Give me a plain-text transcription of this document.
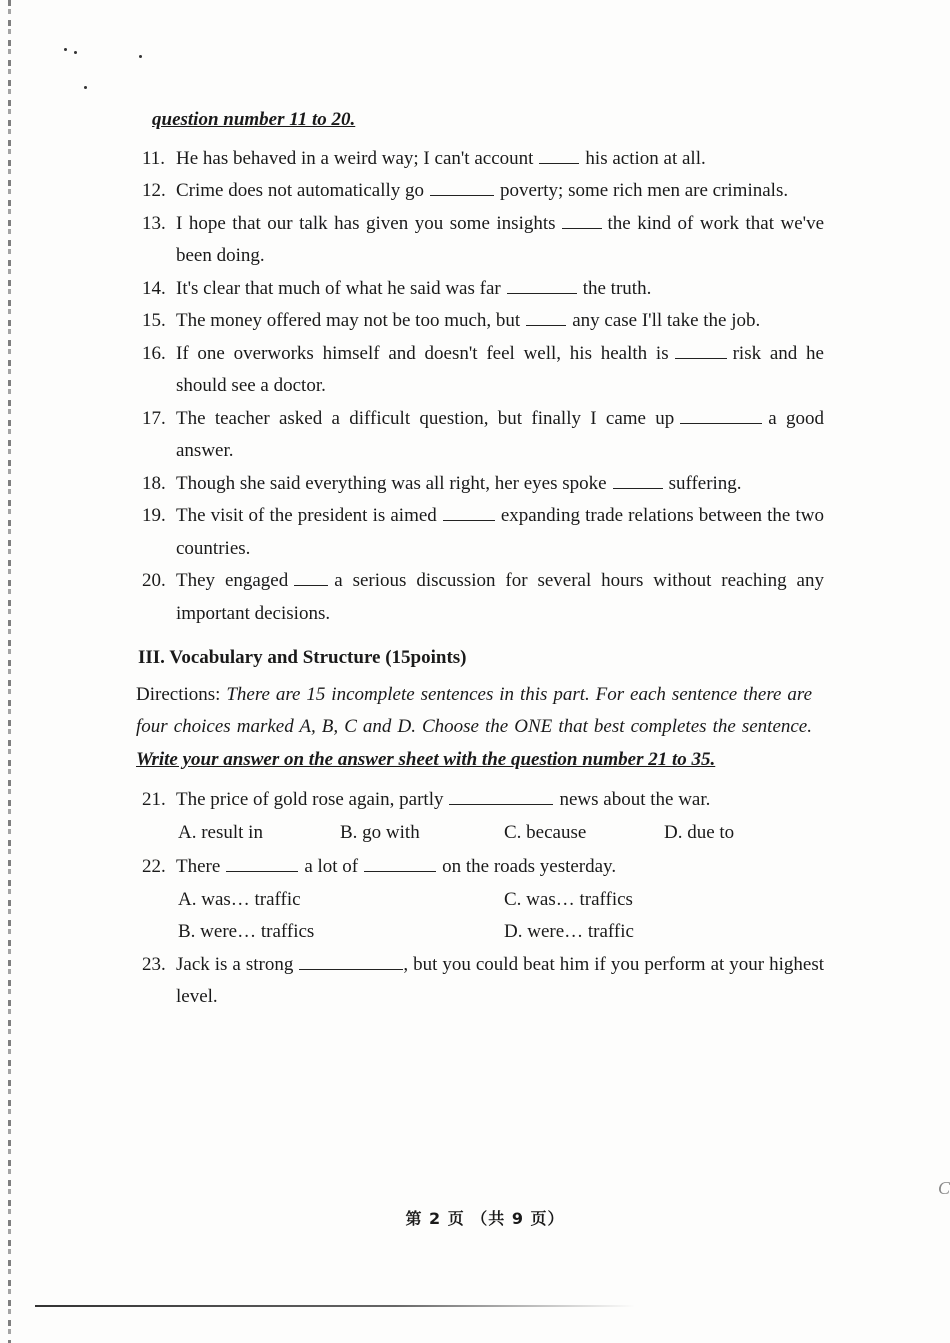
question number 11 to 20.
11. He has behaved in a weird way; I can't account	his action at all.
12. Crime does not automatically go	poverty; some rich men are criminals.
13. I hope that our talk has given you some insights	the kind of work that we've been doing.
14. It's clear that much of what he said was far	the truth.
15. The money offered may not be too much, but	any case I'll take the job.
16. If one overworks himself and doesn't feel well, his health is	risk and he should see a doctor.
17. The teacher asked a difficult question, but finally I came up	a good answer.
18. Though she said everything was all right, her eyes spoke	suffering.
19. The visit of the president is aimed	expanding trade relations between the two countries.
20. They engaged a serious discussion for several hours without reaching any important decisions.
III. Vocabulary and Structure (15points)
Directions: There are 15 incomplete sentences in this part. For each sentence there are four choices marked A, B, C and D. Choose the ONE that best completes the sentence. Write your answer on the answer sheet with the question number 21 to 35.
21. The price of gold rose again, partly	news about the war.
A. result in	B. go with	C. because	D. due to
22. There	a lot of	on the roads yesterday.
A. was… traffic	C. was… traffics
B. were… traffics	D. were… traffic
23. Jack is a strong	, but you could beat him if you perform at your highest level.
C
第 2 页 （共 9 页）
